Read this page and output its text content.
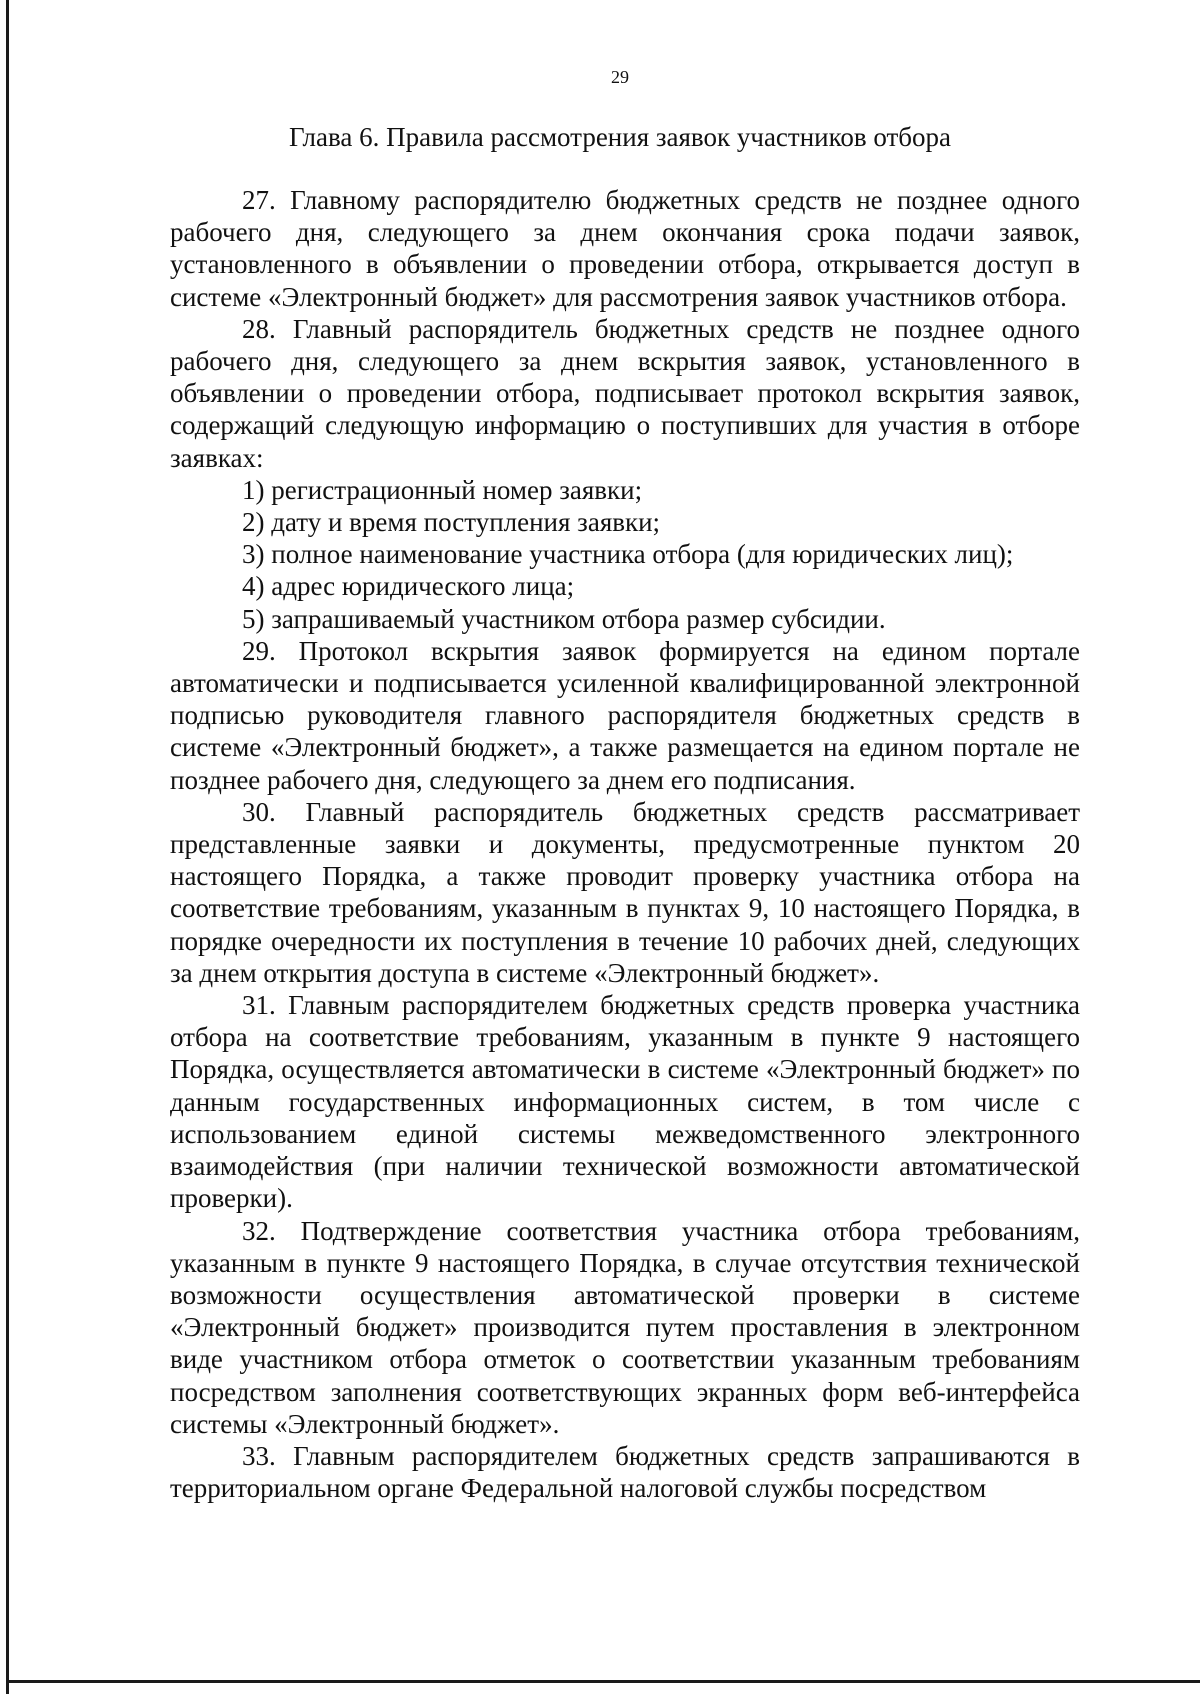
29
Глава 6. Правила рассмотрения заявок участников отбора

27. Главному распорядителю бюджетных средств не позднее одного рабочего дня, следующего за днем окончания срока подачи заявок, установленного в объявлении о проведении отбора, открывается доступ в системе «Электронный бюджет» для рассмотрения заявок участников отбора.

28. Главный распорядитель бюджетных средств не позднее одного рабочего дня, следующего за днем вскрытия заявок, установленного в объявлении о проведении отбора, подписывает протокол вскрытия заявок, содержащий следующую информацию о поступивших для участия в отборе заявках:

1) регистрационный номер заявки;

2) дату и время поступления заявки;

3) полное наименование участника отбора (для юридических лиц);

4) адрес юридического лица;

5) запрашиваемый участником отбора размер субсидии.

29. Протокол вскрытия заявок формируется на едином портале автоматически и подписывается усиленной квалифицированной электронной подписью руководителя главного распорядителя бюджетных средств в системе «Электронный бюджет», а также размещается на едином портале не позднее рабочего дня, следующего за днем его подписания.

30. Главный распорядитель бюджетных средств рассматривает представленные заявки и документы, предусмотренные пунктом 20 настоящего Порядка, а также проводит проверку участника отбора на соответствие требованиям, указанным в пунктах 9, 10 настоящего Порядка, в порядке очередности их поступления в течение 10 рабочих дней, следующих за днем открытия доступа в системе «Электронный бюджет».

31. Главным распорядителем бюджетных средств проверка участника отбора на соответствие требованиям, указанным в пункте 9 настоящего Порядка, осуществляется автоматически в системе «Электронный бюджет» по данным государственных информационных систем, в том числе с использованием единой системы межведомственного электронного взаимодействия (при наличии технической возможности автоматической проверки).

32. Подтверждение соответствия участника отбора требованиям, указанным в пункте 9 настоящего Порядка, в случае отсутствия технической возможности осуществления автоматической проверки в системе «Электронный бюджет» производится путем проставления в электронном виде участником отбора отметок о соответствии указанным требованиям посредством заполнения соответствующих экранных форм веб-интерфейса системы «Электронный бюджет».

33. Главным распорядителем бюджетных средств запрашиваются в территориальном органе Федеральной налоговой службы посредством
